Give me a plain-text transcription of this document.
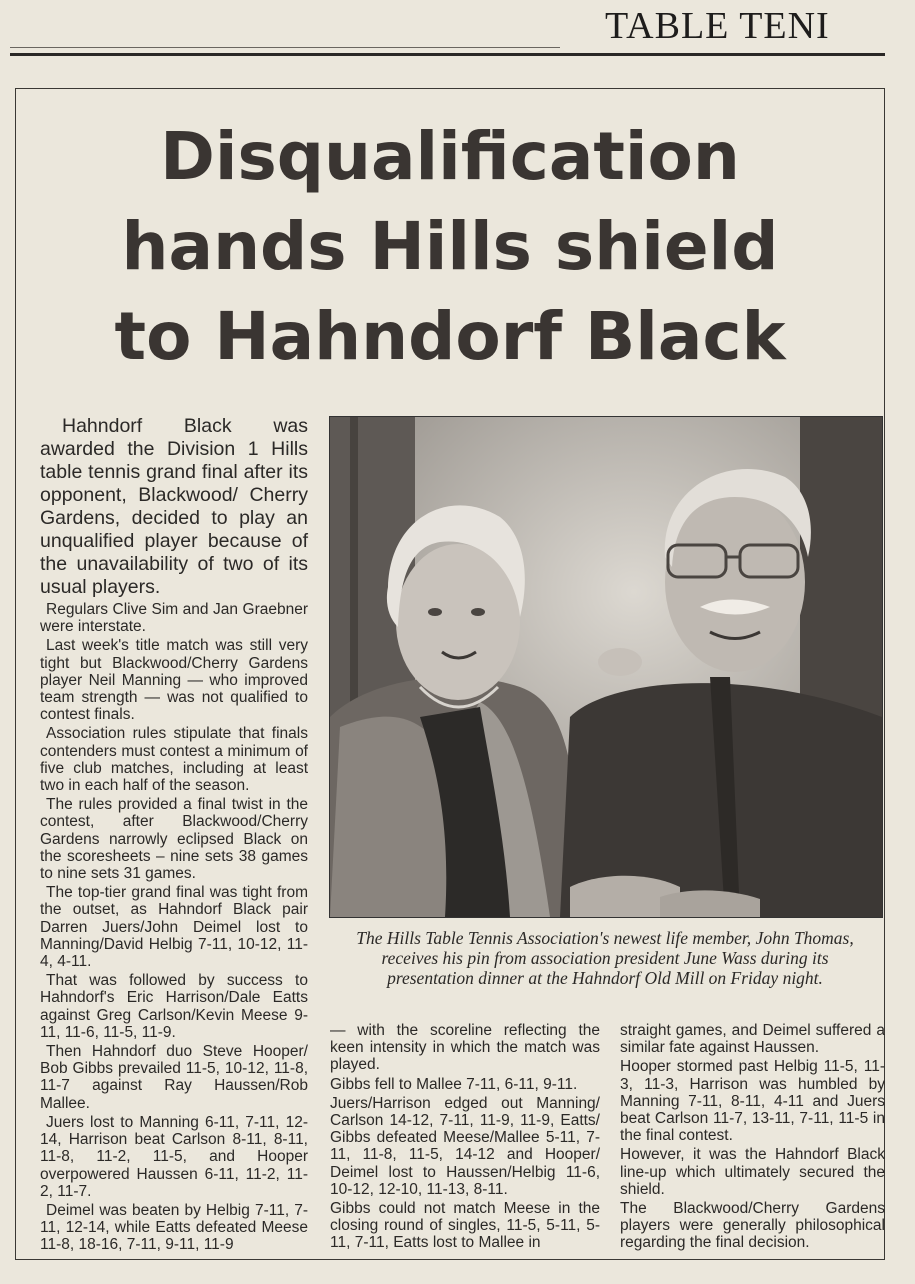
TABLE TENI
Disqualification
hands Hills shield
to Hahndorf Black

Hahndorf Black was awarded the Division 1 Hills table tennis grand final after its opponent, Blackwood/ Cherry Gardens, decided to play an unqualified player because of the unavailability of two of its usual players.

Regulars Clive Sim and Jan Graebner were interstate.

Last week's title match was still very tight but Blackwood/Cherry Gardens player Neil Manning — who improved team strength — was not qualified to contest finals.

Association rules stipulate that finals contenders must contest a minimum of five club matches, including at least two in each half of the season.

The rules provided a final twist in the contest, after Blackwood/Cherry Gardens narrowly eclipsed Black on the scoresheets – nine sets 38 games to nine sets 31 games.

The top-tier grand final was tight from the outset, as Hahndorf Black pair Darren Juers/John Deimel lost to Manning/David Helbig 7-11, 10-12, 11-4, 4-11.

That was followed by success to Hahndorf's Eric Harrison/Dale Eatts against Greg Carlson/Kevin Meese 9-11, 11-6, 11-5, 11-9.

Then Hahndorf duo Steve Hooper/ Bob Gibbs prevailed 11-5, 10-12, 11-8, 11-7 against Ray Haussen/Rob Mallee.

Juers lost to Manning 6-11, 7-11, 12-14, Harrison beat Carlson 8-11, 8-11, 11-8, 11-2, 11-5, and Hooper overpowered Haussen 6-11, 11-2, 11-2, 11-7.

Deimel was beaten by Helbig 7-11, 7-11, 12-14, while Eatts defeated Meese 11-8, 18-16, 7-11, 9-11, 11-9

The Hills Table Tennis Association's newest life member, John Thomas, receives his pin from association president June Wass during its presentation dinner at the Hahndorf Old Mill on Friday night.

— with the scoreline reflecting the keen intensity in which the match was played.

Gibbs fell to Mallee 7-11, 6-11, 9-11.

Juers/Harrison edged out Manning/ Carlson 14-12, 7-11, 11-9, 11-9, Eatts/ Gibbs defeated Meese/Mallee 5-11, 7-11, 11-8, 11-5, 14-12 and Hooper/ Deimel lost to Haussen/Helbig 11-6, 10-12, 12-10, 11-13, 8-11.

Gibbs could not match Meese in the closing round of singles, 11-5, 5-11, 5-11, 7-11, Eatts lost to Mallee in

straight games, and Deimel suffered a similar fate against Haussen.

Hooper stormed past Helbig 11-5, 11-3, 11-3, Harrison was humbled by Manning 7-11, 8-11, 4-11 and Juers beat Carlson 11-7, 13-11, 7-11, 11-5 in the final contest.

However, it was the Hahndorf Black line-up which ultimately secured the shield.

The Blackwood/Cherry Gardens players were generally philosophical regarding the final decision.
